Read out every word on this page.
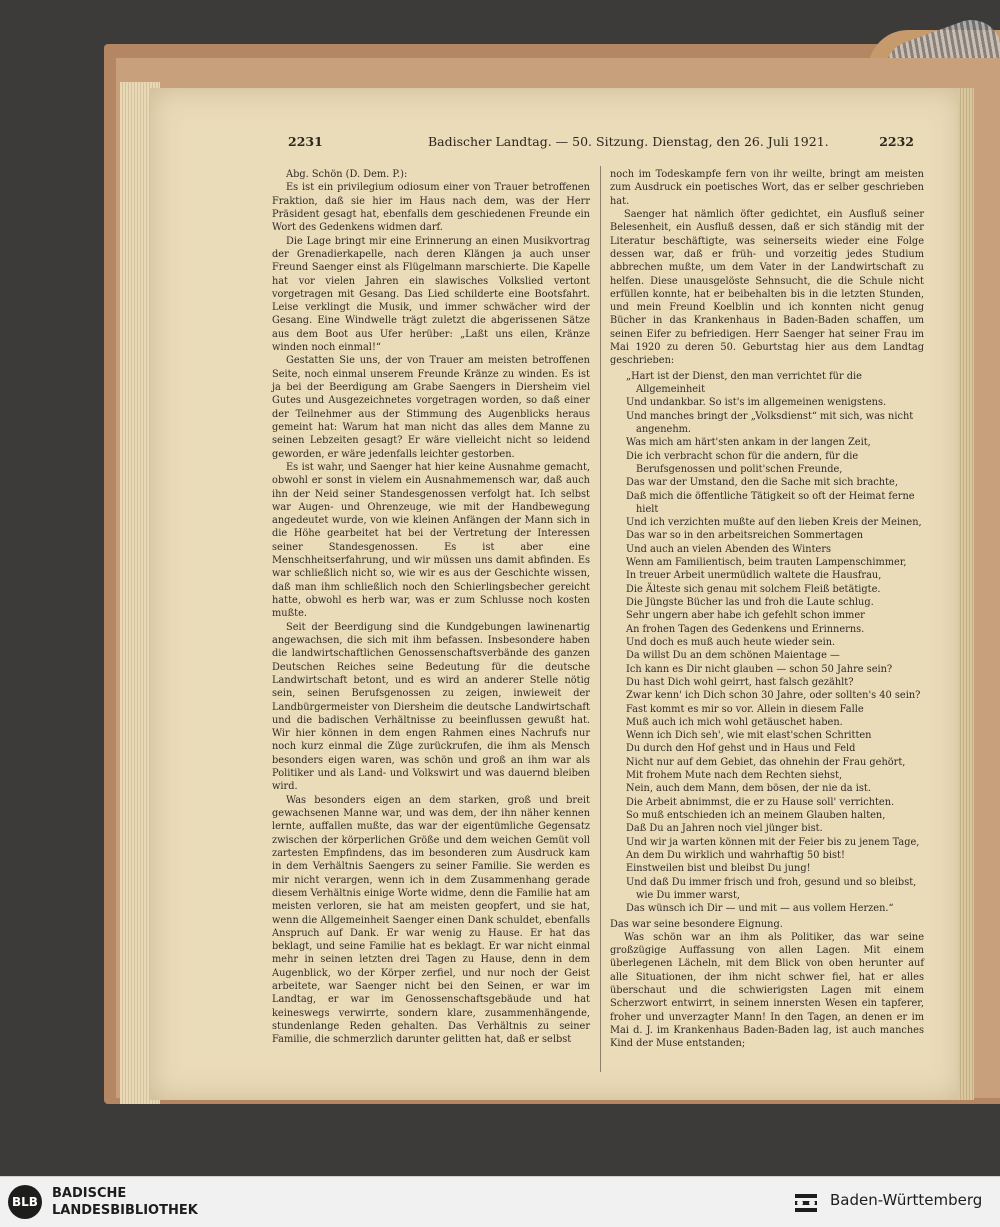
2231	Badischer Landtag. — 50. Sitzung. Dienstag, den 26. Juli 1921.	2232

Abg. Schön (D. Dem. P.):

Es ist ein privilegium odiosum einer von Trauer betroffenen Fraktion, daß sie hier im Haus nach dem, was der Herr Präsident gesagt hat, ebenfalls dem geschiedenen Freunde ein Wort des Gedenkens widmen darf.

Die Lage bringt mir eine Erinnerung an einen Musikvortrag der Grenadierkapelle, nach deren Klängen ja auch unser Freund Saenger einst als Flügelmann marschierte. Die Kapelle hat vor vielen Jahren ein slawisches Volkslied vertont vorgetragen mit Gesang. Das Lied schilderte eine Bootsfahrt. Leise verklingt die Musik, und immer schwächer wird der Gesang. Eine Windwelle trägt zuletzt die abgerissenen Sätze aus dem Boot aus Ufer herüber: „Laßt uns eilen, Kränze winden noch einmal!“

Gestatten Sie uns, der von Trauer am meisten betroffenen Seite, noch einmal unserem Freunde Kränze zu winden. Es ist ja bei der Beerdigung am Grabe Saengers in Diersheim viel Gutes und Ausgezeichnetes vorgetragen worden, so daß einer der Teilnehmer aus der Stimmung des Augenblicks heraus gemeint hat: Warum hat man nicht das alles dem Manne zu seinen Lebzeiten gesagt? Er wäre vielleicht nicht so leidend geworden, er wäre jedenfalls leichter gestorben.

Es ist wahr, und Saenger hat hier keine Ausnahme gemacht, obwohl er sonst in vielem ein Ausnahmemensch war, daß auch ihn der Neid seiner Standesgenossen verfolgt hat. Ich selbst war Augen- und Ohrenzeuge, wie mit der Handbewegung angedeutet wurde, von wie kleinen Anfängen der Mann sich in die Höhe gearbeitet hat bei der Vertretung der Interessen seiner Standesgenossen. Es ist aber eine Menschheitserfahrung, und wir müssen uns damit abfinden. Es war schließlich nicht so, wie wir es aus der Geschichte wissen, daß man ihm schließlich noch den Schierlingsbecher gereicht hatte, obwohl es herb war, was er zum Schlusse noch kosten mußte.

Seit der Beerdigung sind die Kundgebungen lawinenartig angewachsen, die sich mit ihm befassen. Insbesondere haben die landwirtschaftlichen Genossenschaftsverbände des ganzen Deutschen Reiches seine Bedeutung für die deutsche Landwirtschaft betont, und es wird an anderer Stelle nötig sein, seinen Berufsgenossen zu zeigen, inwieweit der Landbürgermeister von Diersheim die deutsche Landwirtschaft und die badischen Verhältnisse zu beeinflussen gewußt hat. Wir hier können in dem engen Rahmen eines Nachrufs nur noch kurz einmal die Züge zurückrufen, die ihm als Mensch besonders eigen waren, was schön und groß an ihm war als Politiker und als Land- und Volkswirt und was dauernd bleiben wird.

Was besonders eigen an dem starken, groß und breit gewachsenen Manne war, und was dem, der ihn näher kennen lernte, auffallen mußte, das war der eigentümliche Gegensatz zwischen der körperlichen Größe und dem weichen Gemüt voll zartesten Empfindens, das im besonderen zum Ausdruck kam in dem Verhältnis Saengers zu seiner Familie. Sie werden es mir nicht verargen, wenn ich in dem Zusammenhang gerade diesem Verhältnis einige Worte widme, denn die Familie hat am meisten verloren, sie hat am meisten geopfert, und sie hat, wenn die Allgemeinheit Saenger einen Dank schuldet, ebenfalls Anspruch auf Dank. Er war wenig zu Hause. Er hat das beklagt, und seine Familie hat es beklagt. Er war nicht einmal mehr in seinen letzten drei Tagen zu Hause, denn in dem Augenblick, wo der Körper zerfiel, und nur noch der Geist arbeitete, war Saenger nicht bei den Seinen, er war im Landtag, er war im Genossenschaftsgebäude und hat keineswegs verwirrte, sondern klare, zusammenhängende, stundenlange Reden gehalten. Das Verhältnis zu seiner Familie, die schmerzlich darunter gelitten hat, daß er selbst

noch im Todeskampfe fern von ihr weilte, bringt am meisten zum Ausdruck ein poetisches Wort, das er selber geschrieben hat.

Saenger hat nämlich öfter gedichtet, ein Ausfluß seiner Belesenheit, ein Ausfluß dessen, daß er sich ständig mit der Literatur beschäftigte, was seinerseits wieder eine Folge dessen war, daß er früh- und vorzeitig jedes Studium abbrechen mußte, um dem Vater in der Landwirtschaft zu helfen. Diese unausgelöste Sehnsucht, die die Schule nicht erfüllen konnte, hat er beibehalten bis in die letzten Stunden, und mein Freund Koelblin und ich konnten nicht genug Bücher in das Krankenhaus in Baden-Baden schaffen, um seinen Eifer zu befriedigen. Herr Saenger hat seiner Frau im Mai 1920 zu deren 50. Geburtstag hier aus dem Landtag geschrieben:

„Hart ist der Dienst, den man verrichtet für die Allgemeinheit
Und undankbar. So ist's im allgemeinen wenigstens.
Und manches bringt der „Volksdienst“ mit sich, was nicht angenehm.
Was mich am härt'sten ankam in der langen Zeit,
Die ich verbracht schon für die andern, für die Berufsgenossen und polit'schen Freunde,
Das war der Umstand, den die Sache mit sich brachte,
Daß mich die öffentliche Tätigkeit so oft der Heimat ferne hielt
Und ich verzichten mußte auf den lieben Kreis der Meinen,
Das war so in den arbeitsreichen Sommertagen
Und auch an vielen Abenden des Winters
Wenn am Familientisch, beim trauten Lampenschimmer,
In treuer Arbeit unermüdlich waltete die Hausfrau,
Die Älteste sich genau mit solchem Fleiß betätigte.
Die Jüngste Bücher las und froh die Laute schlug.
Sehr ungern aber habe ich gefehlt schon immer
An frohen Tagen des Gedenkens und Erinnerns.
Und doch es muß auch heute wieder sein.
Da willst Du an dem schönen Maientage —
Ich kann es Dir nicht glauben — schon 50 Jahre sein?
Du hast Dich wohl geirrt, hast falsch gezählt?
Zwar kenn' ich Dich schon 30 Jahre, oder sollten's 40 sein?
Fast kommt es mir so vor. Allein in diesem Falle
Muß auch ich mich wohl getäuschet haben.
Wenn ich Dich seh', wie mit elast'schen Schritten
Du durch den Hof gehst und in Haus und Feld
Nicht nur auf dem Gebiet, das ohnehin der Frau gehört,
Mit frohem Mute nach dem Rechten siehst,
Nein, auch dem Mann, dem bösen, der nie da ist.
Die Arbeit abnimmst, die er zu Hause soll' verrichten.
So muß entschieden ich an meinem Glauben halten,
Daß Du an Jahren noch viel jünger bist.
Und wir ja warten können mit der Feier bis zu jenem Tage,
An dem Du wirklich und wahrhaftig 50 bist!
Einstweilen bist und bleibst Du jung!
Und daß Du immer frisch und froh, gesund und so bleibst, wie Du immer warst,
Das wünsch ich Dir — und mit — aus vollem Herzen.“

Das war seine besondere Eignung.

Was schön war an ihm als Politiker, das war seine großzügige Auffassung von allen Lagen. Mit einem überlegenen Lächeln, mit dem Blick von oben herunter auf alle Situationen, der ihm nicht schwer fiel, hat er alles überschaut und die schwierigsten Lagen mit einem Scherzwort entwirrt, in seinem innersten Wesen ein tapferer, froher und unverzagter Mann! In den Tagen, an denen er im Mai d. J. im Krankenhaus Baden-Baden lag, ist auch manches Kind der Muse entstanden;

BLB
BADISCHE
LANDESBIBLIOTHEK
Baden-Württemberg
